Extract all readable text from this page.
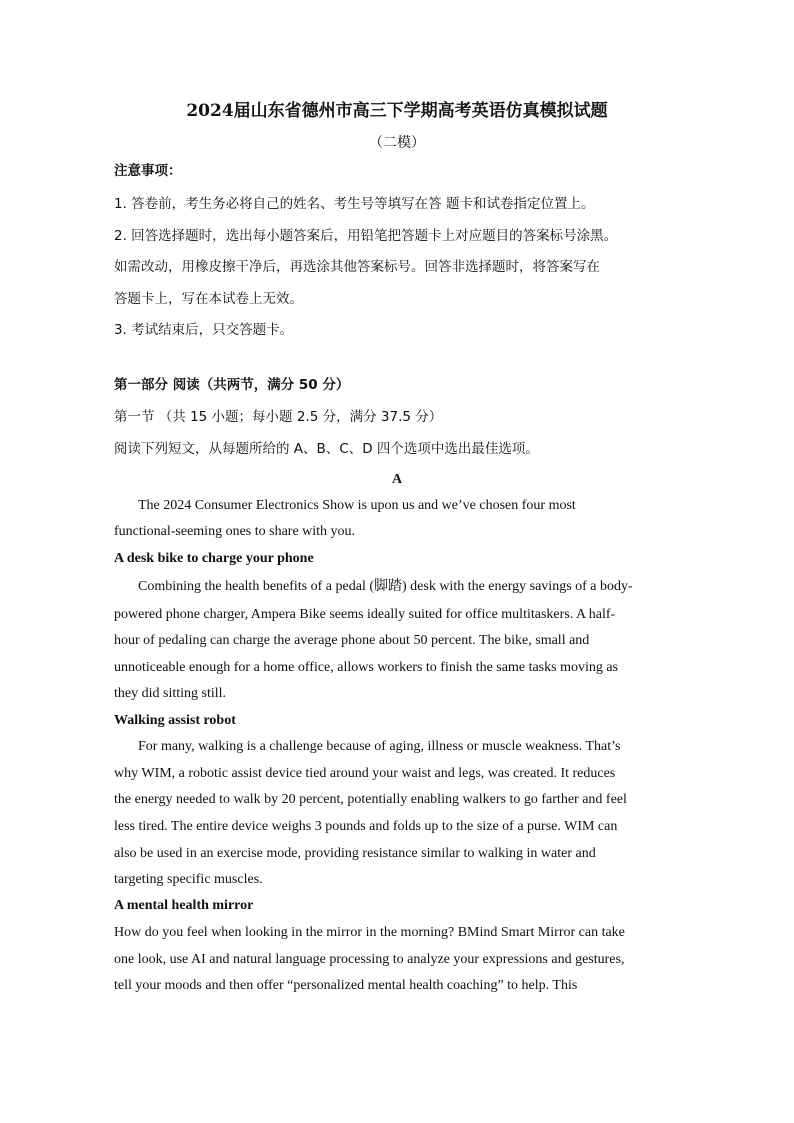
2024届山东省德州市高三下学期高考英语仿真模拟试题
（二模）
注意事项：
1. 答卷前，考生务必将自己的姓名、考生号等填写在答 题卡和试卷指定位置上。
2. 回答选择题时，选出每小题答案后，用铅笔把答题卡上对应题目的答案标号涂黑。
如需改动，用橡皮擦干净后，再选涂其他答案标号。回答非选择题时，将答案写在
答题卡上，写在本试卷上无效。
3. 考试结束后，只交答题卡。
第一部分 阅读（共两节，满分 50 分）
第一节 （共 15 小题；每小题 2.5 分，满分 37.5 分）
阅读下列短文，从每题所给的 A、B、C、D 四个选项中选出最佳选项。
A
The 2024 Consumer Electronics Show is upon us and we’ve chosen four most
functional-seeming ones to share with you.
A desk bike to charge your phone
Combining the health benefits of a pedal (脚踏) desk with the energy savings of a body-
powered phone charger, Ampera Bike seems ideally suited for office multitaskers. A half-
hour of pedaling can charge the average phone about 50 percent. The bike, small and
unnoticeable enough for a home office, allows workers to finish the same tasks moving as
they did sitting still.
Walking assist robot
For many, walking is a challenge because of aging, illness or muscle weakness. That’s
why WIM, a robotic assist device tied around your waist and legs, was created. It reduces
the energy needed to walk by 20 percent, potentially enabling walkers to go farther and feel
less tired. The entire device weighs 3 pounds and folds up to the size of a purse. WIM can
also be used in an exercise mode, providing resistance similar to walking in water and
targeting specific muscles.
A mental health mirror
How do you feel when looking in the mirror in the morning? BMind Smart Mirror can take
one look, use AI and natural language processing to analyze your expressions and gestures,
tell your moods and then offer “personalized mental health coaching” to help. This
